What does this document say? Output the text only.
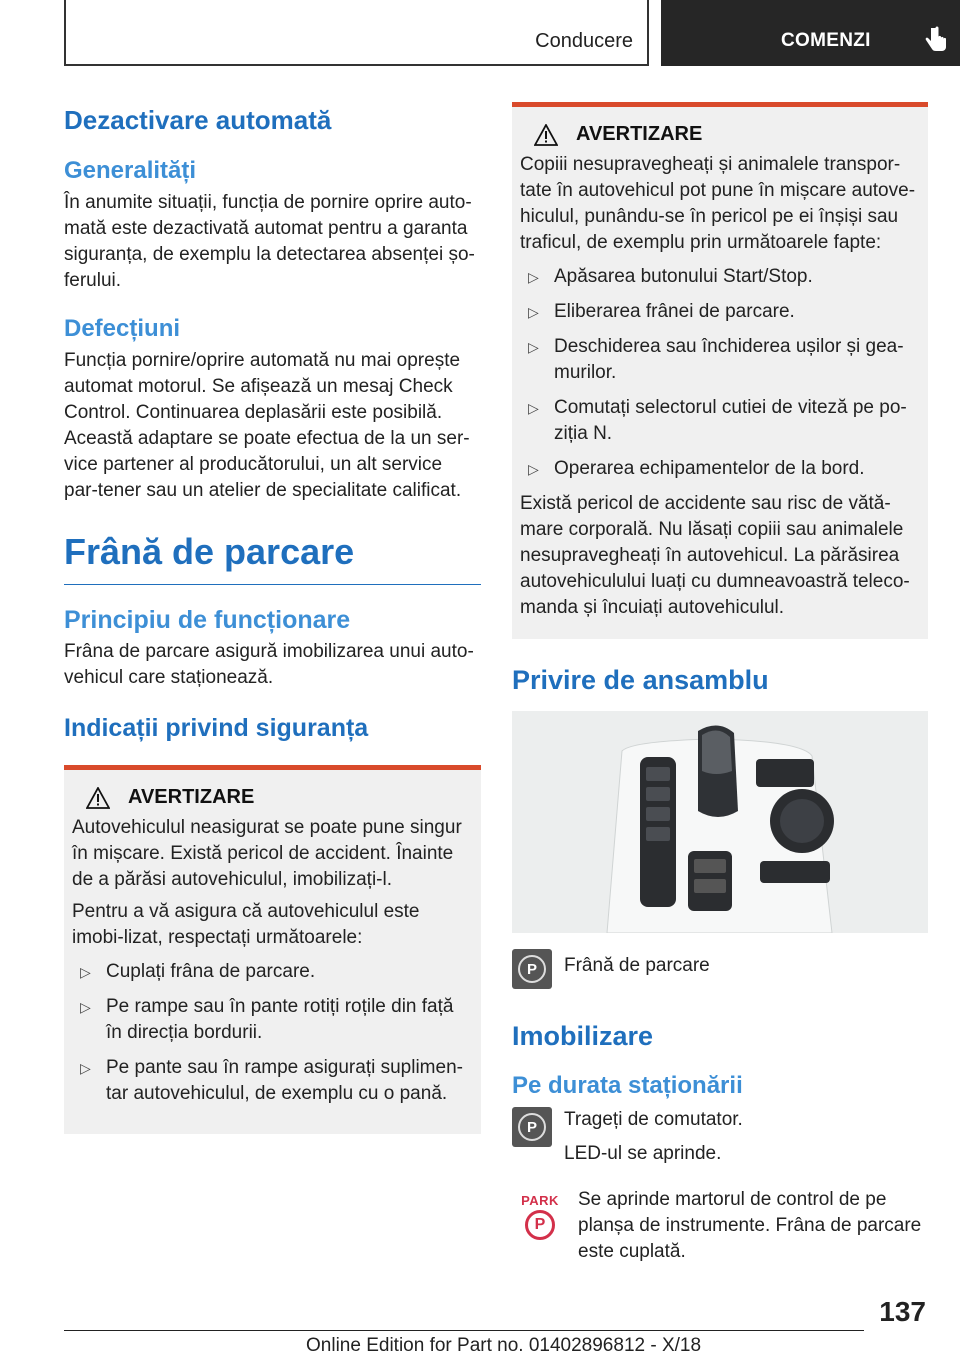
Conducere	COMENZI
Dezactivare automată
Generalități

În anumite situații, funcția de pornire oprire auto-mată este dezactivată automat pentru a garanta siguranța, de exemplu la detectarea absenței șo-ferului.

Defecțiuni

Funcția pornire/oprire automată nu mai oprește automat motorul. Se afișează un mesaj Check Control. Continuarea deplasării este posibilă. Această adaptare se poate efectua de la un ser-vice partener al producătorului, un alt service par-tener sau un atelier de specialitate calificat.

Frână de parcare
Principiu de funcționare

Frâna de parcare asigură imobilizarea unui auto-vehicul care staționează.

Indicații privind siguranța
AVERTIZARE

Autovehiculul neasigurat se poate pune singur în mișcare. Există pericol de accident. Înainte de a părăsi autovehiculul, imobilizați-l.

Pentru a vă asigura că autovehiculul este imobi-lizat, respectați următoarele:

▷ Cuplați frâna de parcare.
▷ Pe rampe sau în pante rotiți roțile din față în direcția bordurii.
▷ Pe pante sau în rampe asigurați suplimen-tar autovehiculul, de exemplu cu o pană.
AVERTIZARE

Copiii nesupravegheați și animalele transpor-tate în autovehicul pot pune în mișcare autove-hiculul, punându-se în pericol pe ei înșiși sau traficul, de exemplu prin următoarele fapte:

▷ Apăsarea butonului Start/Stop.
▷ Eliberarea frânei de parcare.
▷ Deschiderea sau închiderea ușilor și gea-murilor.
▷ Comutați selectorul cutiei de viteză pe po-ziția N.
▷ Operarea echipamentelor de la bord.

Există pericol de accidente sau risc de vătă-mare corporală. Nu lăsați copiii sau animalele nesupravegheați în autovehicul. La părăsirea autovehiculului luați cu dumneavoastră teleco-manda și încuiați autovehiculul.

Privire de ansamblu
P	Frână de parcare

Imobilizare
Pe durata staționării
P	Trageți de comutator.

LED-ul se aprinde.

PARK
P

Se aprinde martorul de control de pe planșa de instrumente. Frâna de parcare este cuplată.

137
Online Edition for Part no. 01402896812 - X/18
